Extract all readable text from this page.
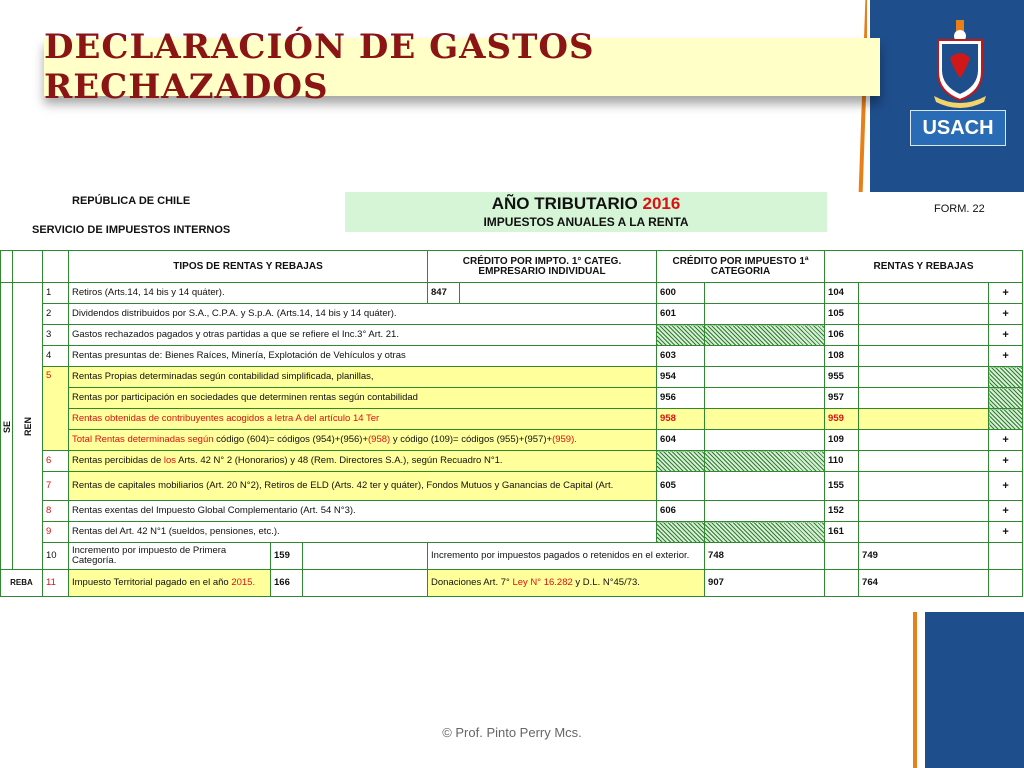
USACH
DECLARACIÓN DE GASTOS RECHAZADOS
REPÚBLICA DE CHILE
SERVICIO DE IMPUESTOS INTERNOS
AÑO TRIBUTARIO 2016
IMPUESTOS ANUALES A LA RENTA
FORM. 22
			TIPOS DE RENTAS Y REBAJAS			CRÉDITO POR IMPTO. 1° CATEG. EMPRESARIO INDIVIDUAL		CRÉDITO POR IMPUESTO 1ª CATEGORIA		RENTAS Y REBAJAS			
SE	REN	1	Retiros (Arts.14, 14 bis y 14 quáter).			847		600		104		+	
		2	Dividendos distribuidos por S.A., C.P.A. y S.p.A. (Arts.14, 14 bis y 14 quáter).					601		105		+	
		3	Gastos rechazados pagados y otras partidas a que se refiere el Inc.3° Art. 21.							106		+	
		4	Rentas presuntas de: Bienes Raíces, Minería, Explotación de Vehículos y otras					603		108		+	
		5	Rentas Propias determinadas según contabilidad simplificada, planillas,					954		955			
			Rentas por participación en sociedades que determinen rentas según contabilidad					956		957			
			Rentas obtenidas de contribuyentes acogidos a letra A del artículo 14 Ter					958		959			
			Total Rentas determinadas según código (604)= códigos (954)+(956)+(958) y código (109)= códigos (955)+(957)+(959).					604		109		+	
		6	Rentas percibidas de los Arts. 42 N° 2 (Honorarios) y 48 (Rem. Directores S.A.), según Recuadro N°1.							110		+	
		7	Rentas de capitales mobiliarios (Art. 20 N°2), Retiros de ELD (Arts. 42 ter y quáter), Fondos Mutuos y Ganancias de Capital (Art.					605		155		+	
		8	Rentas exentas del Impuesto Global Complementario (Art. 54 N°3).					606		152		+	
		9	Rentas del Art. 42 N°1 (sueldos, pensiones, etc.).							161		+	
		10	Incremento por impuesto de Primera Categoría.	159		Incremento por impuestos pagados o retenidos en el exterior.			748		749		
REBA		11	Impuesto Territorial pagado en el año 2015.	166		Donaciones Art. 7° Ley N° 16.282 y D.L. N°45/73.			907		764		
© Prof. Pinto Perry Mcs.
